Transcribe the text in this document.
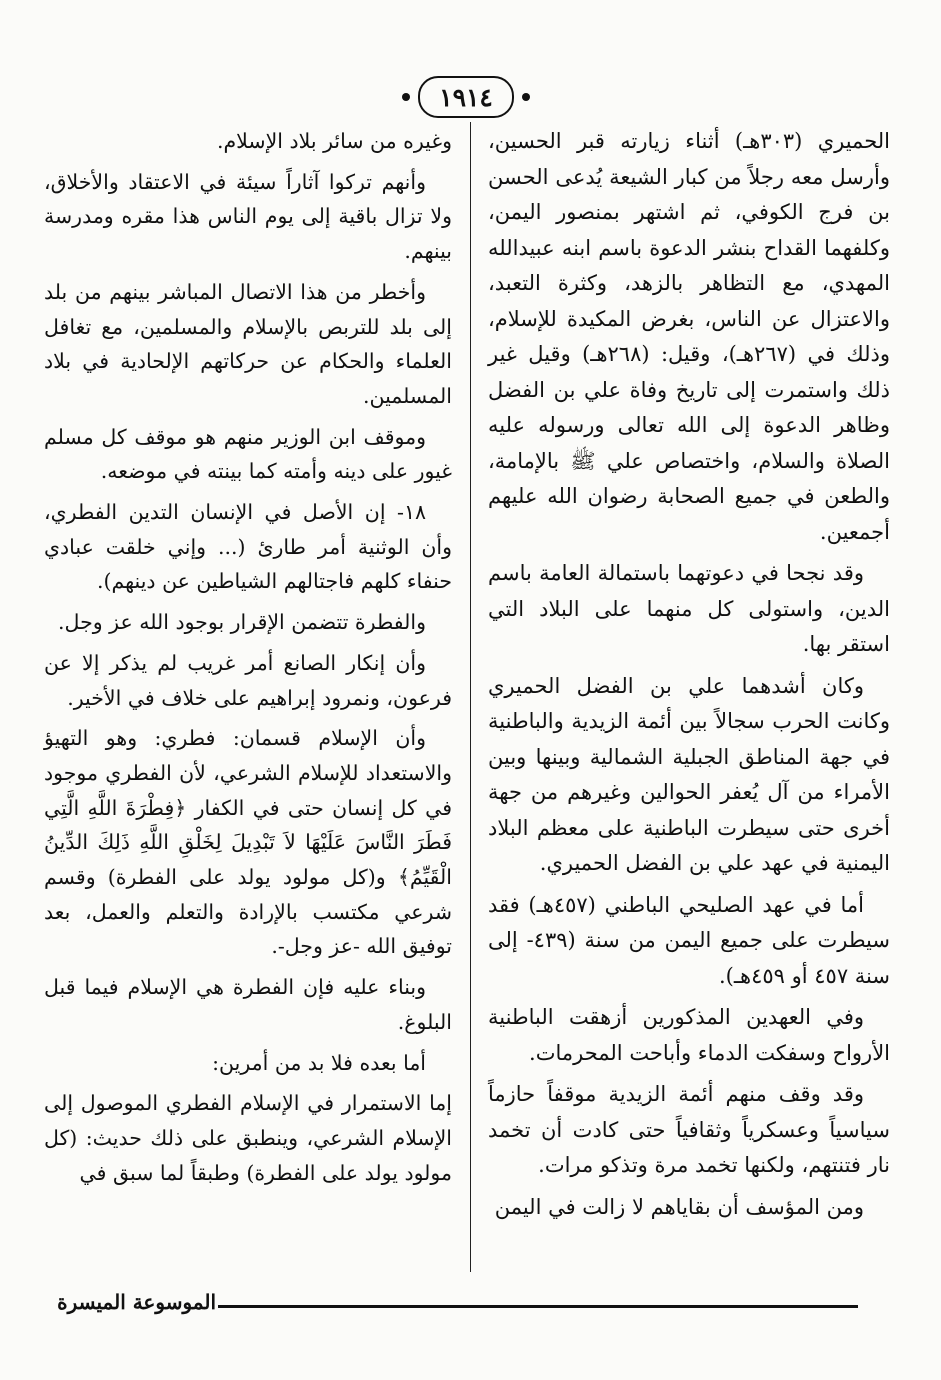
١٩١٤

الحميري (٣٠٣هـ) أثناء زيارته قبر الحسين، وأرسل معه رجلاً من كبار الشيعة يُدعى الحسن بن فرج الكوفي، ثم اشتهر بمنصور اليمن، وكلفهما القداح بنشر الدعوة باسم ابنه عبيدالله المهدي، مع التظاهر بالزهد، وكثرة التعبد، والاعتزال عن الناس، بغرض المكيدة للإسلام، وذلك في (٢٦٧هـ)، وقيل: (٢٦٨هـ) وقيل غير ذلك واستمرت إلى تاريخ وفاة علي بن الفضل وظاهر الدعوة إلى الله تعالى ورسوله عليه الصلاة والسلام، واختصاص علي ﷺ بالإمامة، والطعن في جميع الصحابة رضوان الله عليهم أجمعين.

وقد نجحا في دعوتهما باستمالة العامة باسم الدين، واستولى كل منهما على البلاد التي استقر بها.

وكان أشدهما علي بن الفضل الحميري وكانت الحرب سجالاً بين أئمة الزيدية والباطنية في جهة المناطق الجبلية الشمالية وبينها وبين الأمراء من آل يُعفر الحوالين وغيرهم من جهة أخرى حتى سيطرت الباطنية على معظم البلاد اليمنية في عهد علي بن الفضل الحميري.

أما في عهد الصليحي الباطني (٤٥٧هـ) فقد سيطرت على جميع اليمن من سنة (٤٣٩- إلى سنة ٤٥٧ أو ٤٥٩هـ).

وفي العهدين المذكورين أزهقت الباطنية الأرواح وسفكت الدماء وأباحت المحرمات.

وقد وقف منهم أئمة الزيدية موقفاً حازماً سياسياً وعسكرياً وثقافياً حتى كادت أن تخمد نار فتنتهم، ولكنها تخمد مرة وتذكو مرات.

ومن المؤسف أن بقاياهم لا زالت في اليمن

وغيره من سائر بلاد الإسلام.

وأنهم تركوا آثاراً سيئة في الاعتقاد والأخلاق، ولا تزال باقية إلى يوم الناس هذا مقره ومدرسة بينهم.

وأخطر من هذا الاتصال المباشر بينهم من بلد إلى بلد للتربص بالإسلام والمسلمين، مع تغافل العلماء والحكام عن حركاتهم الإلحادية في بلاد المسلمين.

وموقف ابن الوزير منهم هو موقف كل مسلم غيور على دينه وأمته كما بينته في موضعه.

١٨- إن الأصل في الإنسان التدين الفطري، وأن الوثنية أمر طارئ (... وإني خلقت عبادي حنفاء كلهم فاجتالهم الشياطين عن دينهم).

والفطرة تتضمن الإقرار بوجود الله عز وجل.

وأن إنكار الصانع أمر غريب لم يذكر إلا عن فرعون، ونمرود إبراهيم على خلاف في الأخير.

وأن الإسلام قسمان: فطري: وهو التهيؤ والاستعداد للإسلام الشرعي، لأن الفطري موجود في كل إنسان حتى في الكفار ﴿فِطْرَةَ اللَّهِ الَّتِي فَطَرَ النَّاسَ عَلَيْهَا لاَ تَبْدِيلَ لِخَلْقِ اللَّهِ ذَلِكَ الدِّينُ الْقَيِّمُ﴾ و(كل مولود يولد على الفطرة) وقسم شرعي مكتسب بالإرادة والتعلم والعمل، بعد توفيق الله -عز وجل-.

وبناء عليه فإن الفطرة هي الإسلام فيما قبل البلوغ.

أما بعده فلا بد من أمرين:

إما الاستمرار في الإسلام الفطري الموصول إلى الإسلام الشرعي، وينطبق على ذلك حديث: (كل مولود يولد على الفطرة) وطبقاً لما سبق في

الموسوعة الميسرة
